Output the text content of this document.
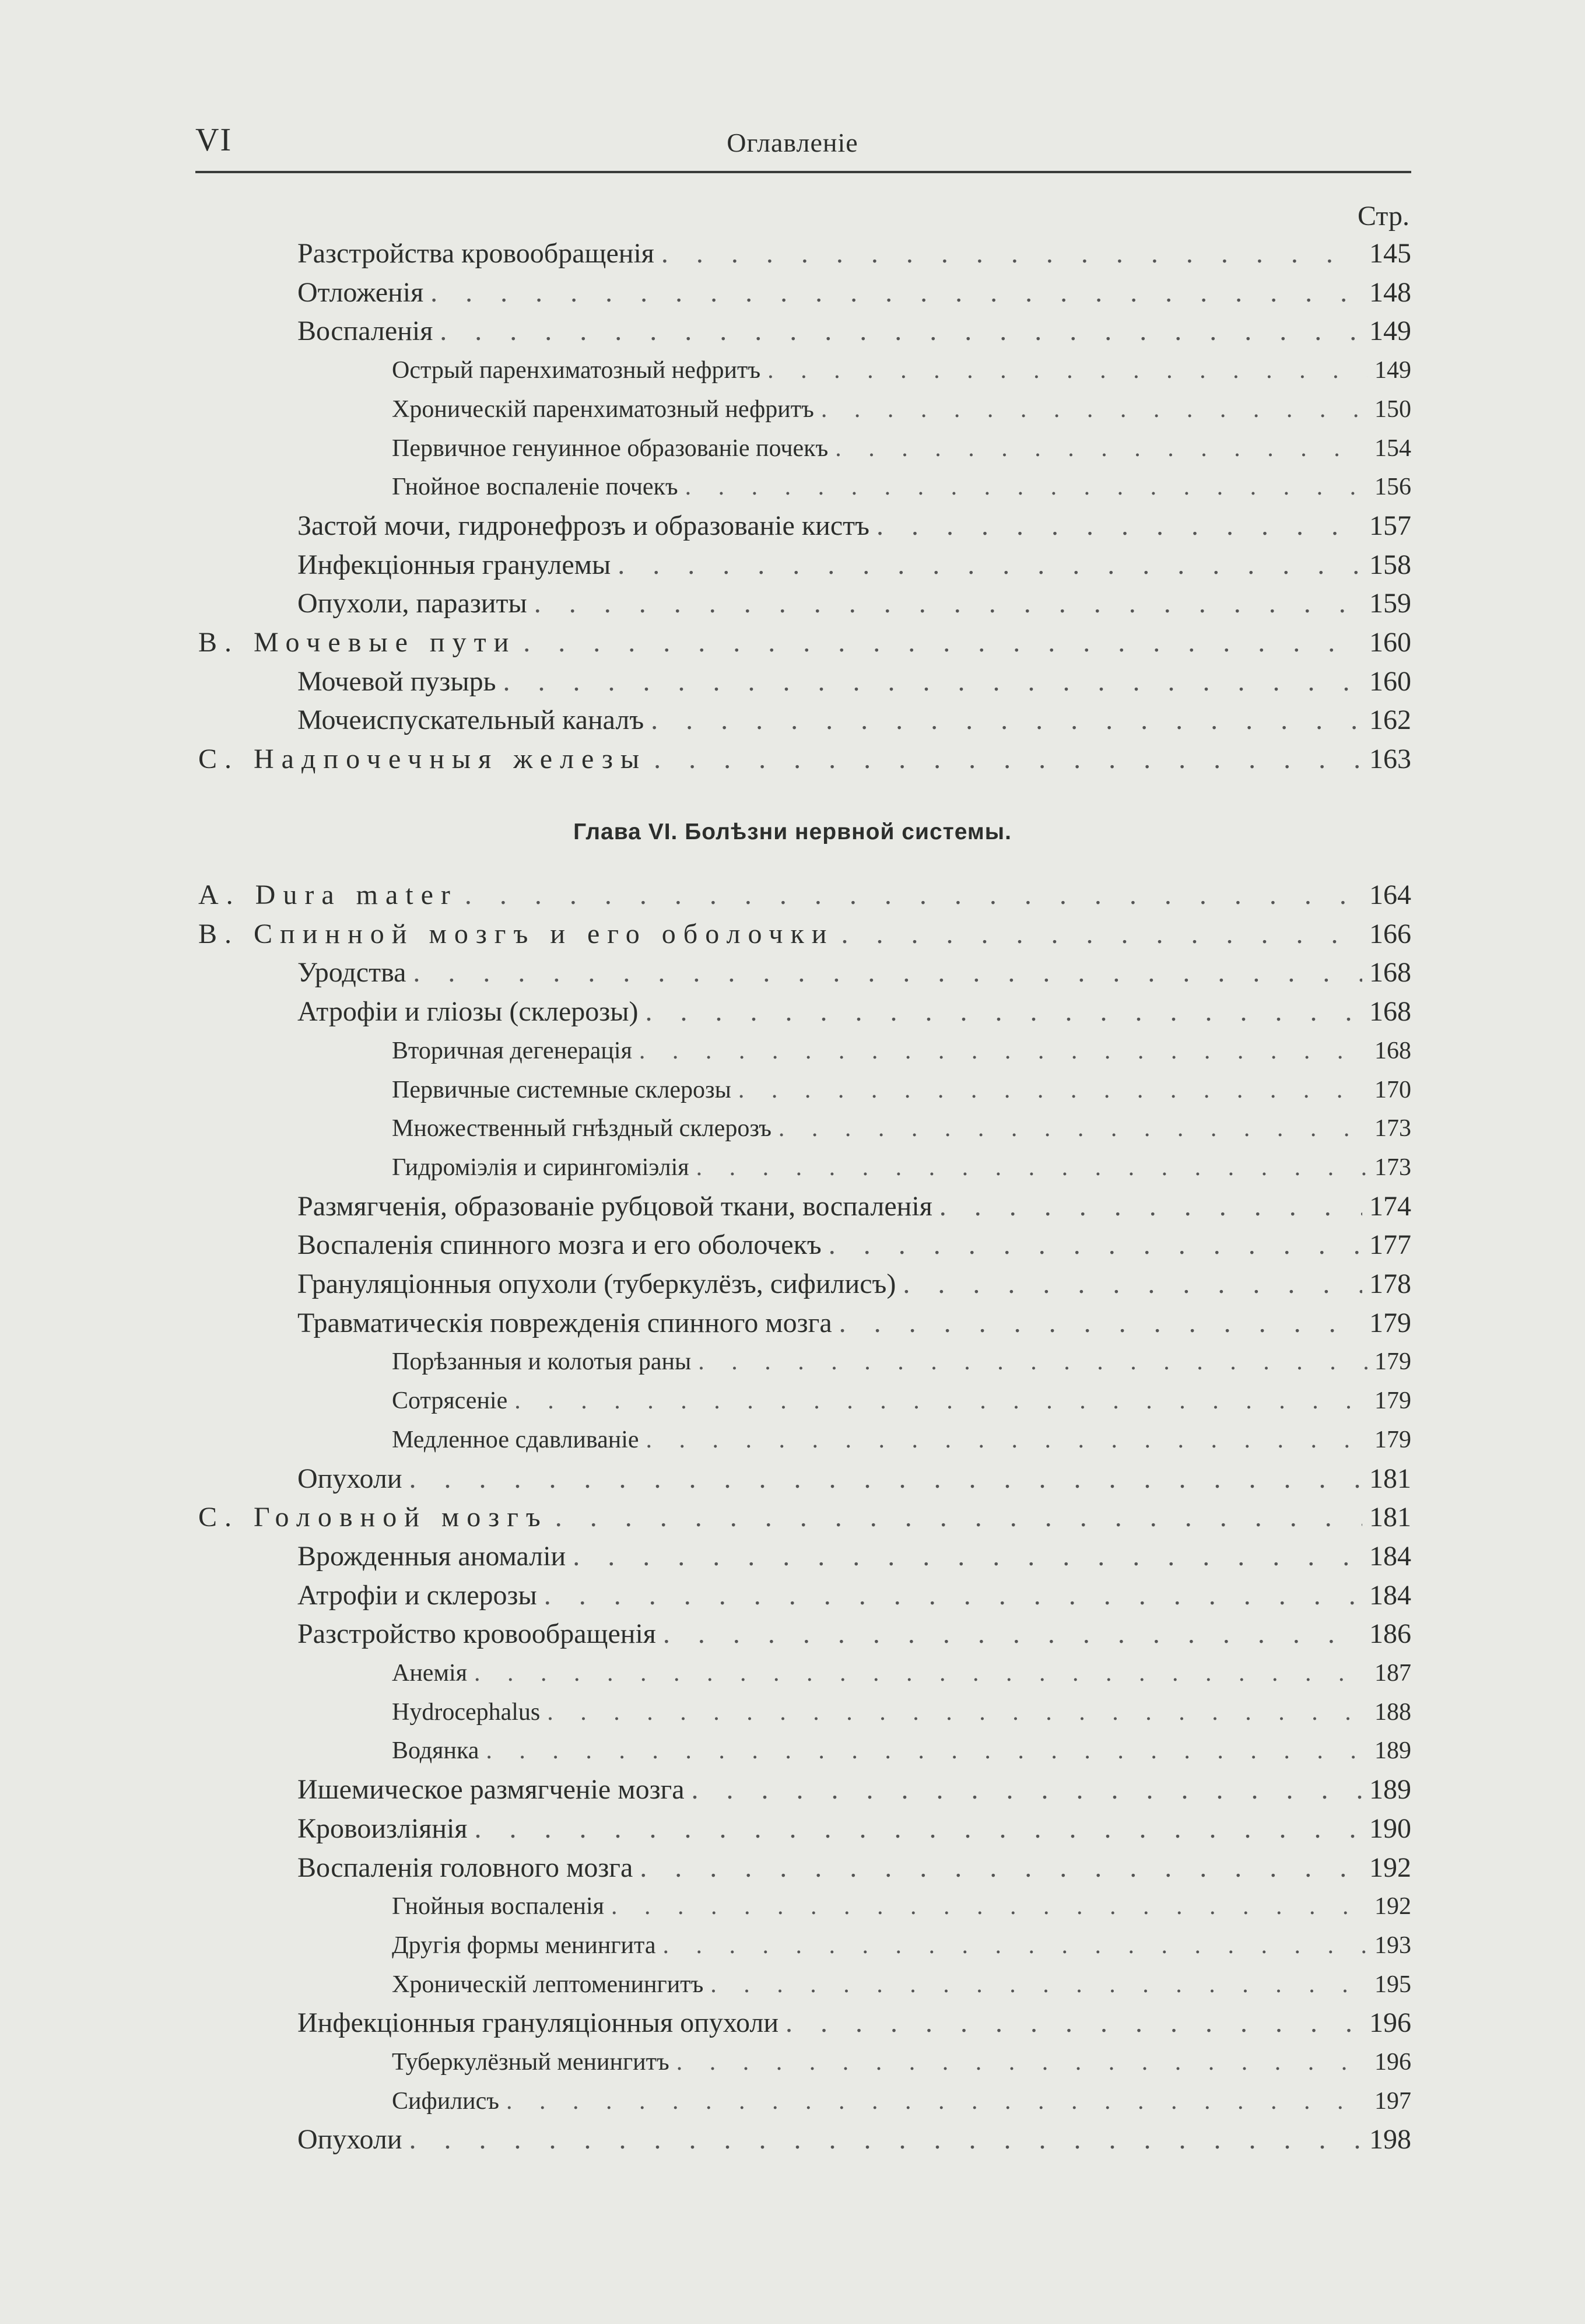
VI	Оглавленіе
Стр.
Разстройства кровообращенія . . .	145
Отложенія . . .	148
Воспаленія . . .	149
Острый паренхиматозный нефритъ . . .	149
Хроническій паренхиматозный нефритъ . . .	150
Первичное генуинное образованіе почекъ . . .	154
Гнойное воспаленіе почекъ . . .	156
Застой мочи, гидронефрозъ и образованіе кистъ . . .	157
Инфекціонныя гранулемы . . .	158
Опухоли, паразиты . . .	159
B. Мочевые пути . . .	160
Мочевой пузырь . . .	160
Мочеиспускательный каналъ . . .	162
C. Надпочечныя железы . . .	163
Глава VI. Болѣзни нервной системы.
A. Dura mater . . .	164
B. Спинной мозгъ и его оболочки . . .	166
Уродства . . .	168
Атрофіи и гліозы (склерозы) . . .	168
Вторичная дегенерація . . .	168
Первичные системные склерозы . . .	170
Множественный гнѣздный склерозъ . . .	173
Гидроміэлія и сирингоміэлія . . .	173
Размягченія, образованіе рубцовой ткани, воспаленія . . .	174
Воспаленія спинного мозга и его оболочекъ . . .	177
Грануляціонныя опухоли (туберкулёзъ, сифилисъ) . . .	178
Травматическія поврежденія спинного мозга . . .	179
Порѣзанныя и колотыя раны . . .	179
Сотрясеніе . . .	179
Медленное сдавливаніе . . .	179
Опухоли . . .	181
C. Головной мозгъ . . .	181
Врожденныя аномаліи . . .	184
Атрофіи и склерозы . . .	184
Разстройство кровообращенія . . .	186
Анемія . . .	187
Hydrocephalus . . .	188
Водянка . . .	189
Ишемическое размягченіе мозга . . .	189
Кровоизліянія . . .	190
Воспаленія головного мозга . . .	192
Гнойныя воспаленія . . .	192
Другія формы менингита . . .	193
Хроническій лептоменингитъ . . .	195
Инфекціонныя грануляціонныя опухоли . . .	196
Туберкулёзный менингитъ . . .	196
Сифилисъ . . .	197
Опухоли . . .	198
